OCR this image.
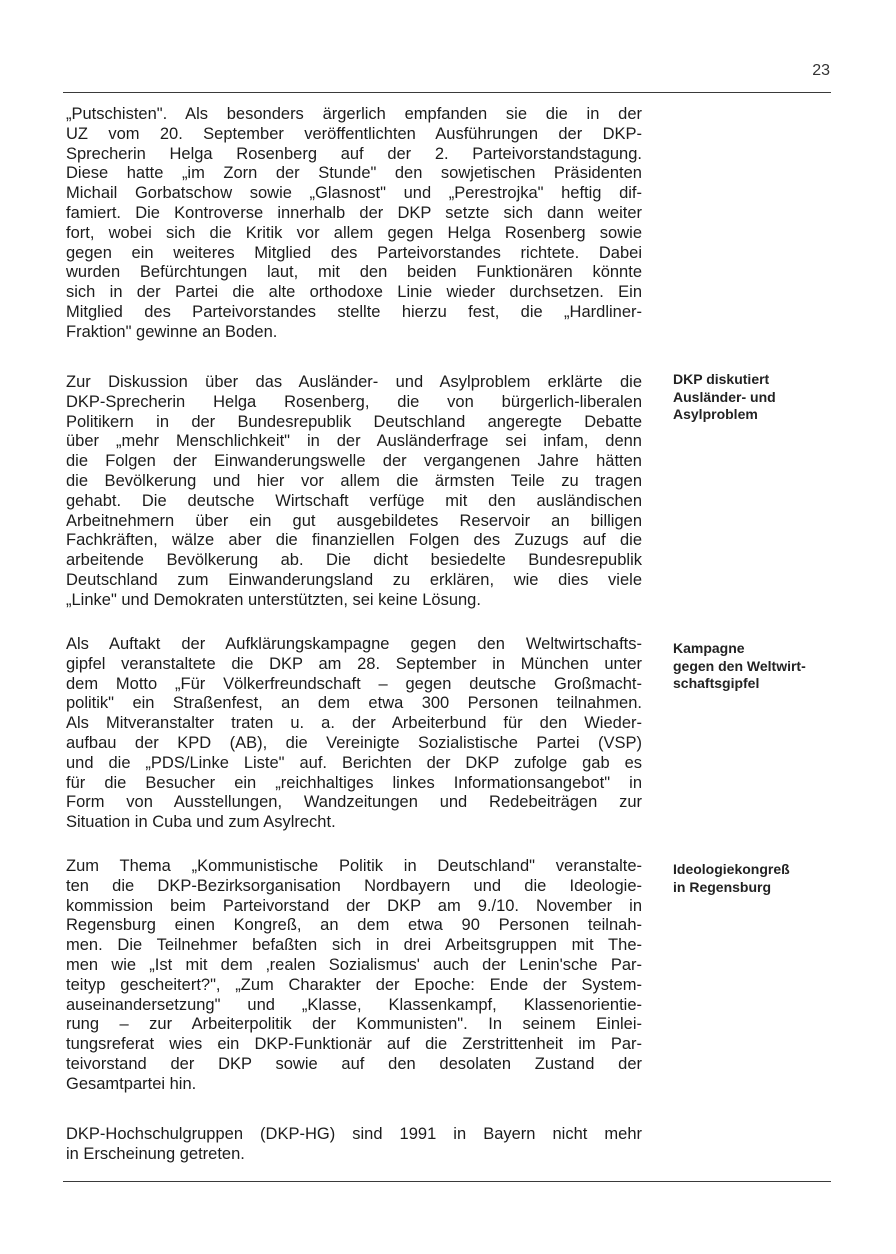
23
„Putschisten". Als besonders ärgerlich empfanden sie die in der
UZ vom 20. September veröffentlichten Ausführungen der DKP-
Sprecherin Helga Rosenberg auf der 2. Parteivorstandstagung.
Diese hatte „im Zorn der Stunde" den sowjetischen Präsidenten
Michail Gorbatschow sowie „Glasnost" und „Perestrojka" heftig dif-
famiert. Die Kontroverse innerhalb der DKP setzte sich dann weiter
fort, wobei sich die Kritik vor allem gegen Helga Rosenberg sowie
gegen ein weiteres Mitglied des Parteivorstandes richtete. Dabei
wurden Befürchtungen laut, mit den beiden Funktionären könnte
sich in der Partei die alte orthodoxe Linie wieder durchsetzen. Ein
Mitglied des Parteivorstandes stellte hierzu fest, die „Hardliner-
Fraktion" gewinne an Boden.
Zur Diskussion über das Ausländer- und Asylproblem erklärte die
DKP-Sprecherin Helga Rosenberg, die von bürgerlich-liberalen
Politikern in der Bundesrepublik Deutschland angeregte Debatte
über „mehr Menschlichkeit" in der Ausländerfrage sei infam, denn
die Folgen der Einwanderungswelle der vergangenen Jahre hätten
die Bevölkerung und hier vor allem die ärmsten Teile zu tragen
gehabt. Die deutsche Wirtschaft verfüge mit den ausländischen
Arbeitnehmern über ein gut ausgebildetes Reservoir an billigen
Fachkräften, wälze aber die finanziellen Folgen des Zuzugs auf die
arbeitende Bevölkerung ab. Die dicht besiedelte Bundesrepublik
Deutschland zum Einwanderungsland zu erklären, wie dies viele
„Linke" und Demokraten unterstützten, sei keine Lösung.
Als Auftakt der Aufklärungskampagne gegen den Weltwirtschafts-
gipfel veranstaltete die DKP am 28. September in München unter
dem Motto „Für Völkerfreundschaft – gegen deutsche Großmacht-
politik" ein Straßenfest, an dem etwa 300 Personen teilnahmen.
Als Mitveranstalter traten u. a. der Arbeiterbund für den Wieder-
aufbau der KPD (AB), die Vereinigte Sozialistische Partei (VSP)
und die „PDS/Linke Liste" auf. Berichten der DKP zufolge gab es
für die Besucher ein „reichhaltiges linkes Informationsangebot" in
Form von Ausstellungen, Wandzeitungen und Redebeiträgen zur
Situation in Cuba und zum Asylrecht.
Zum Thema „Kommunistische Politik in Deutschland" veranstalte-
ten die DKP-Bezirksorganisation Nordbayern und die Ideologie-
kommission beim Parteivorstand der DKP am 9./10. November in
Regensburg einen Kongreß, an dem etwa 90 Personen teilnah-
men. Die Teilnehmer befaßten sich in drei Arbeitsgruppen mit The-
men wie „Ist mit dem ‚realen Sozialismus' auch der Lenin'sche Par-
teityp gescheitert?", „Zum Charakter der Epoche: Ende der System-
auseinandersetzung" und „Klasse, Klassenkampf, Klassenorientie-
rung – zur Arbeiterpolitik der Kommunisten". In seinem Einlei-
tungsreferat wies ein DKP-Funktionär auf die Zerstrittenheit im Par-
teivorstand der DKP sowie auf den desolaten Zustand der
Gesamtpartei hin.
DKP-Hochschulgruppen (DKP-HG) sind 1991 in Bayern nicht mehr
in Erscheinung getreten.
DKP diskutiert
Ausländer- und
Asylproblem
Kampagne
gegen den Weltwirt-
schaftsgipfel
Ideologiekongreß
in Regensburg
